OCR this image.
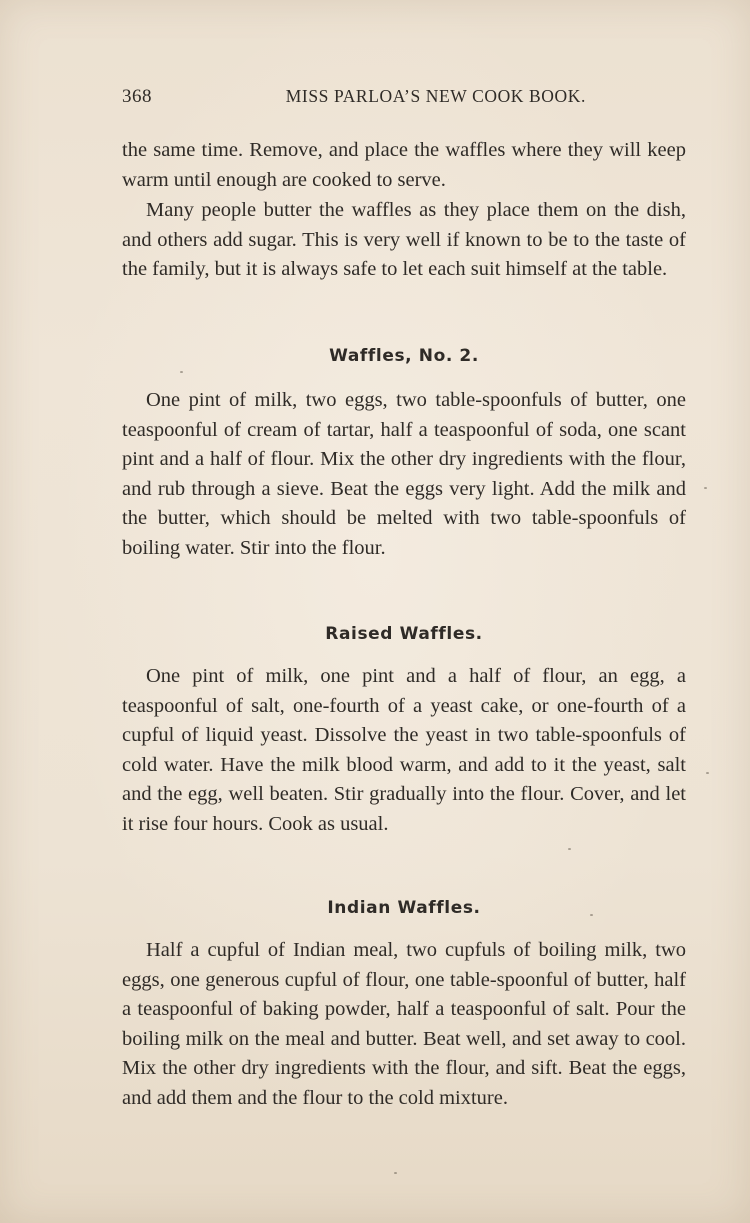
368	MISS PARLOA’S NEW COOK BOOK.

the same time. Remove, and place the waffles where they will keep warm until enough are cooked to serve.

Many people butter the waffles as they place them on the dish, and others add sugar. This is very well if known to be to the taste of the family, but it is always safe to let each suit himself at the table.

Waffles, No. 2.

One pint of milk, two eggs, two table-spoonfuls of butter, one teaspoonful of cream of tartar, half a teaspoonful of soda, one scant pint and a half of flour. Mix the other dry ingredients with the flour, and rub through a sieve. Beat the eggs very light. Add the milk and the butter, which should be melted with two table-spoonfuls of boiling water. Stir into the flour.

Raised Waffles.

One pint of milk, one pint and a half of flour, an egg, a teaspoonful of salt, one-fourth of a yeast cake, or one-fourth of a cupful of liquid yeast. Dissolve the yeast in two table-spoonfuls of cold water. Have the milk blood warm, and add to it the yeast, salt and the egg, well beaten. Stir gradually into the flour. Cover, and let it rise four hours. Cook as usual.

Indian Waffles.

Half a cupful of Indian meal, two cupfuls of boiling milk, two eggs, one generous cupful of flour, one table-spoonful of butter, half a teaspoonful of baking powder, half a teaspoonful of salt. Pour the boiling milk on the meal and butter. Beat well, and set away to cool. Mix the other dry ingredients with the flour, and sift. Beat the eggs, and add them and the flour to the cold mixture.
